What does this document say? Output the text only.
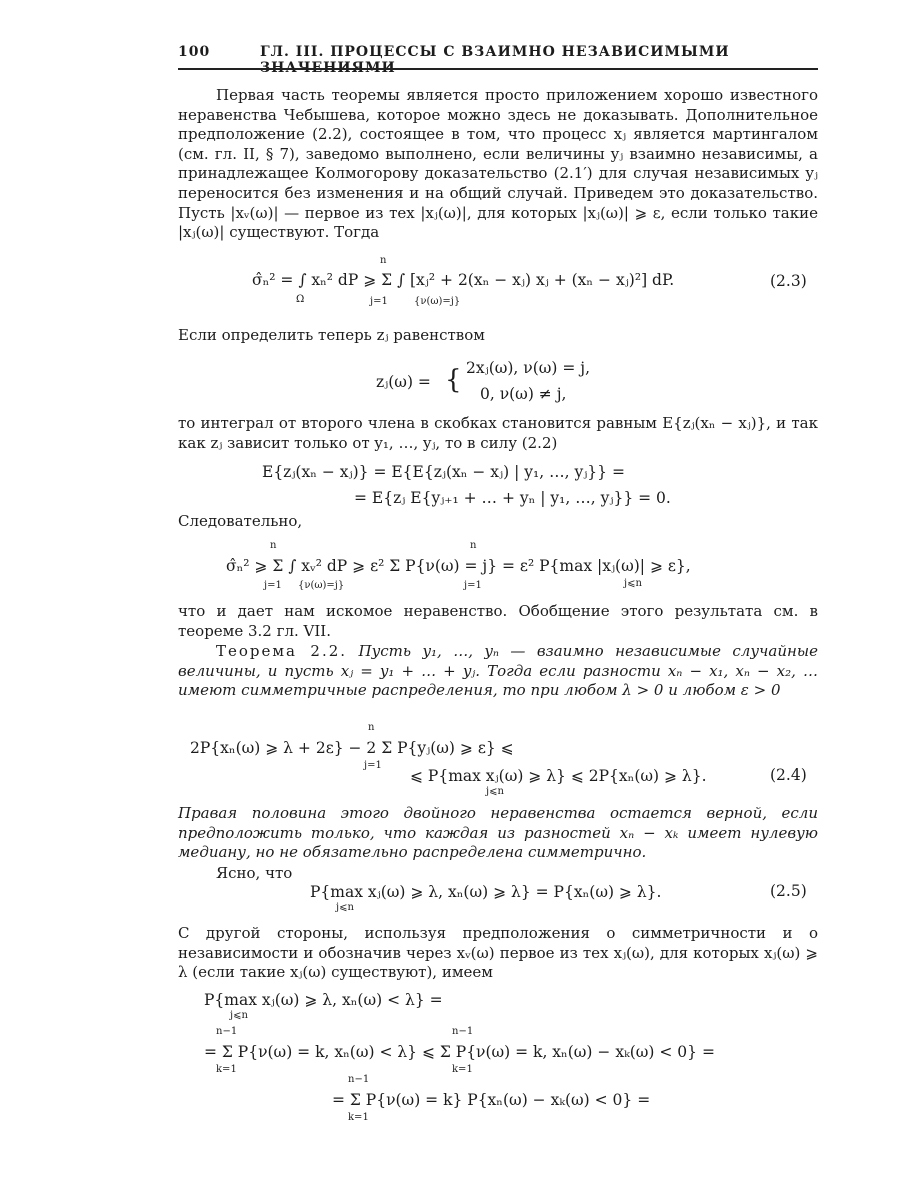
100	ГЛ. III. ПРОЦЕССЫ С ВЗАИМНО НЕЗАВИСИМЫМИ ЗНАЧЕНИЯМИ

Первая часть теоремы является просто приложением хорошо известного неравенства Чебышева, которое можно здесь не доказывать. Дополнительное предположение (2.2), состоящее в том, что процесс xⱼ является мартингалом (см. гл. II, § 7), заведомо выполнено, если величины yⱼ взаимно независимы, а принадлежащее Колмогорову доказательство (2.1′) для случая независимых yⱼ переносится без изменения и на общий случай. Приведем это доказательство. Пусть |xᵥ(ω)| — первое из тех |xⱼ(ω)|, для которых |xⱼ(ω)| ⩾ ε, если только такие |xⱼ(ω)| существуют. Тогда

σ̂ₙ² = ∫ xₙ² dP ⩾ Σ ∫ [xⱼ² + 2(xₙ − xⱼ) xⱼ + (xₙ − xⱼ)²] dP.
n
Ω	j=1	{ν(ω)=j}
(2.3)

Если определить теперь zⱼ равенством

zⱼ(ω) = { 2xⱼ(ω), ν(ω) = j,
0, ν(ω) ≠ j,

то интеграл от второго члена в скобках становится равным E{zⱼ(xₙ − xⱼ)}, и так как zⱼ зависит только от y₁, …, yⱼ, то в силу (2.2)

E{zⱼ(xₙ − xⱼ)} = E{E{zⱼ(xₙ − xⱼ) | y₁, …, yⱼ}} =
= E{zⱼ E{yⱼ₊₁ + … + yₙ | y₁, …, yⱼ}} = 0.

Следовательно,

σ̂ₙ² ⩾ Σ ∫ xᵥ² dP ⩾ ε² Σ P{ν(ω) = j} = ε² P{max |xⱼ(ω)| ⩾ ε},
n
j=1 {ν(ω)=j}
n
j=1	j⩽n

что и дает нам искомое неравенство. Обобщение этого результата см. в теореме 3.2 гл. VII.

Теорема 2.2. Пусть y₁, …, yₙ — взаимно независимые случайные величины, и пусть xⱼ = y₁ + … + yⱼ. Тогда если разности xₙ − x₁, xₙ − x₂, … имеют симметричные распределения, то при любом λ > 0 и любом ε > 0

2P{xₙ(ω) ⩾ λ + 2ε} − 2 Σ P{yⱼ(ω) ⩾ ε} ⩽
n
j=1
⩽ P{max xⱼ(ω) ⩾ λ} ⩽ 2P{xₙ(ω) ⩾ λ}.
j⩽n
(2.4)

Правая половина этого двойного неравенства остается верной, если предположить только, что каждая из разностей xₙ − xₖ имеет нулевую медиану, но не обязательно распределена симметрично.

Ясно, что
P{max xⱼ(ω) ⩾ λ, xₙ(ω) ⩾ λ} = P{xₙ(ω) ⩾ λ}.
j⩽n
(2.5)

С другой стороны, используя предположения о симметричности и о независимости и обозначив через xᵥ(ω) первое из тех xⱼ(ω), для которых xⱼ(ω) ⩾ λ (если такие xⱼ(ω) существуют), имеем

P{max xⱼ(ω) ⩾ λ, xₙ(ω) < λ} =
j⩽n
n−1
= Σ P{ν(ω) = k, xₙ(ω) < λ} ⩽ Σ P{ν(ω) = k, xₙ(ω) − xₖ(ω) < 0} =
k=1
n−1
k=1
n−1
= Σ P{ν(ω) = k} P{xₙ(ω) − xₖ(ω) < 0} =
k=1
